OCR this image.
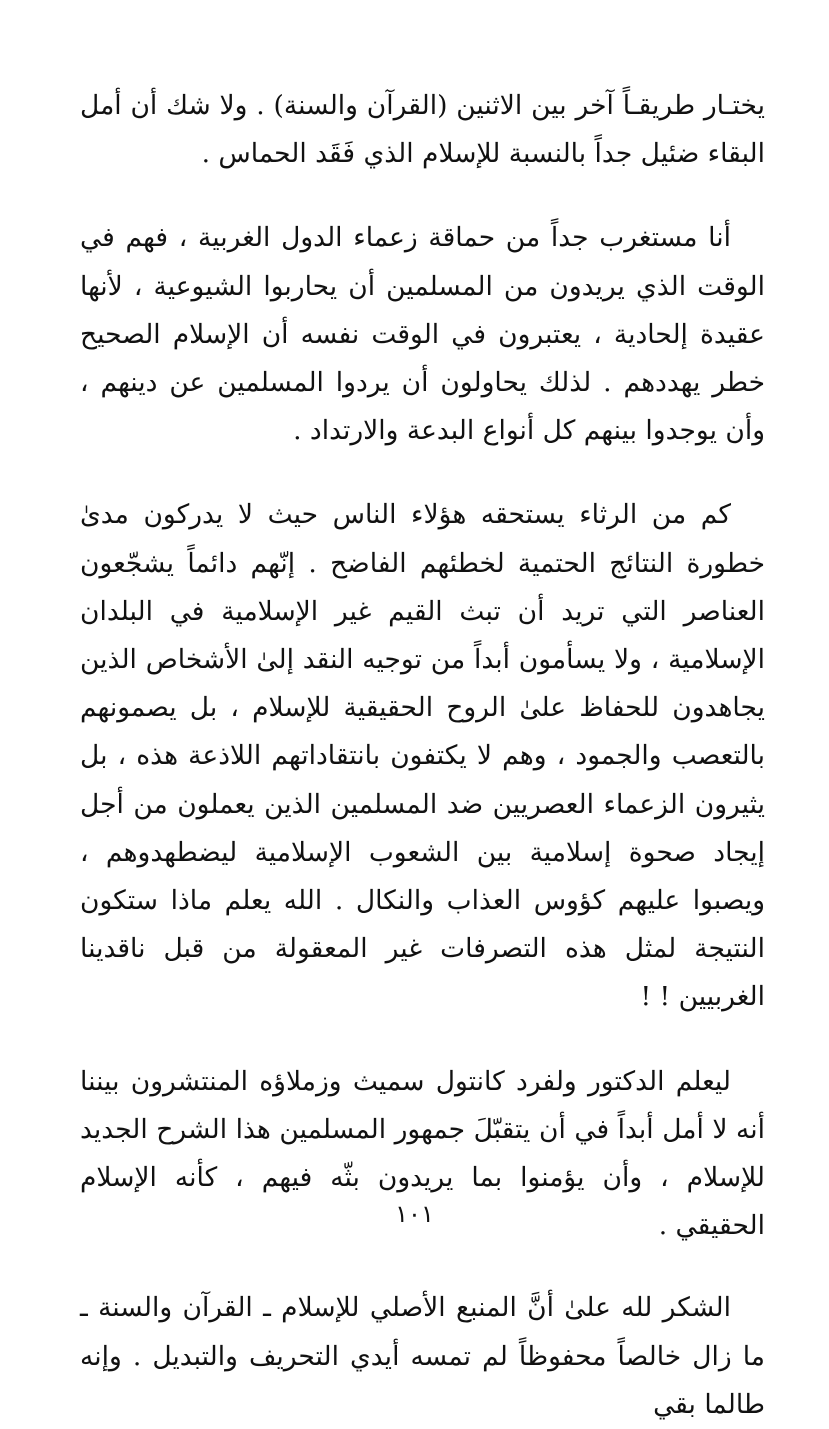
يختـار طريقـاً آخر بين الاثنين (القرآن والسنة) . ولا شك أن أمل البقاء ضئيل جداً بالنسبة للإسلام الذي فَقَد الحماس .

أنا مستغرب جداً من حماقة زعماء الدول الغربية ، فهم في الوقت الذي يريدون من المسلمين أن يحاربوا الشيوعية ، لأنها عقيدة إلحادية ، يعتبرون في الوقت نفسه أن الإسلام الصحيح خطر يهددهم . لذلك يحاولون أن يردوا المسلمين عن دينهم ، وأن يوجدوا بينهم كل أنواع البدعة والارتداد .

كم من الرثاء يستحقه هؤلاء الناس حيث لا يدركون مدىٰ خطورة النتائج الحتمية لخطئهم الفاضح . إنّهم دائماً يشجّعون العناصر التي تريد أن تبث القيم غير الإسلامية في البلدان الإسلامية ، ولا يسأمون أبداً من توجيه النقد إلىٰ الأشخاص الذين يجاهدون للحفاظ علىٰ الروح الحقيقية للإسلام ، بل يصمونهم بالتعصب والجمود ، وهم لا يكتفون بانتقاداتهم اللاذعة هذه ، بل يثيرون الزعماء العصريين ضد المسلمين الذين يعملون من أجل إيجاد صحوة إسلامية بين الشعوب الإسلامية ليضطهدوهم ، ويصبوا عليهم كؤوس العذاب والنكال . الله يعلم ماذا ستكون النتيجة لمثل هذه التصرفات غير المعقولة من قبل ناقدينا الغربيين ! !

ليعلم الدكتور ولفرد كانتول سميث وزملاؤه المنتشرون بيننا أنه لا أمل أبداً في أن يتقبّلَ جمهور المسلمين هذا الشرح الجديد للإسلام ، وأن يؤمنوا بما يريدون بثّه فيهم ، كأنه الإسلام الحقيقي .

الشكر لله علىٰ أنَّ المنبع الأصلي للإسلام ـ القرآن والسنة ـ ما زال خالصاً محفوظاً لم تمسه أيدي التحريف والتبديل . وإنه طالما بقي

١٠١
